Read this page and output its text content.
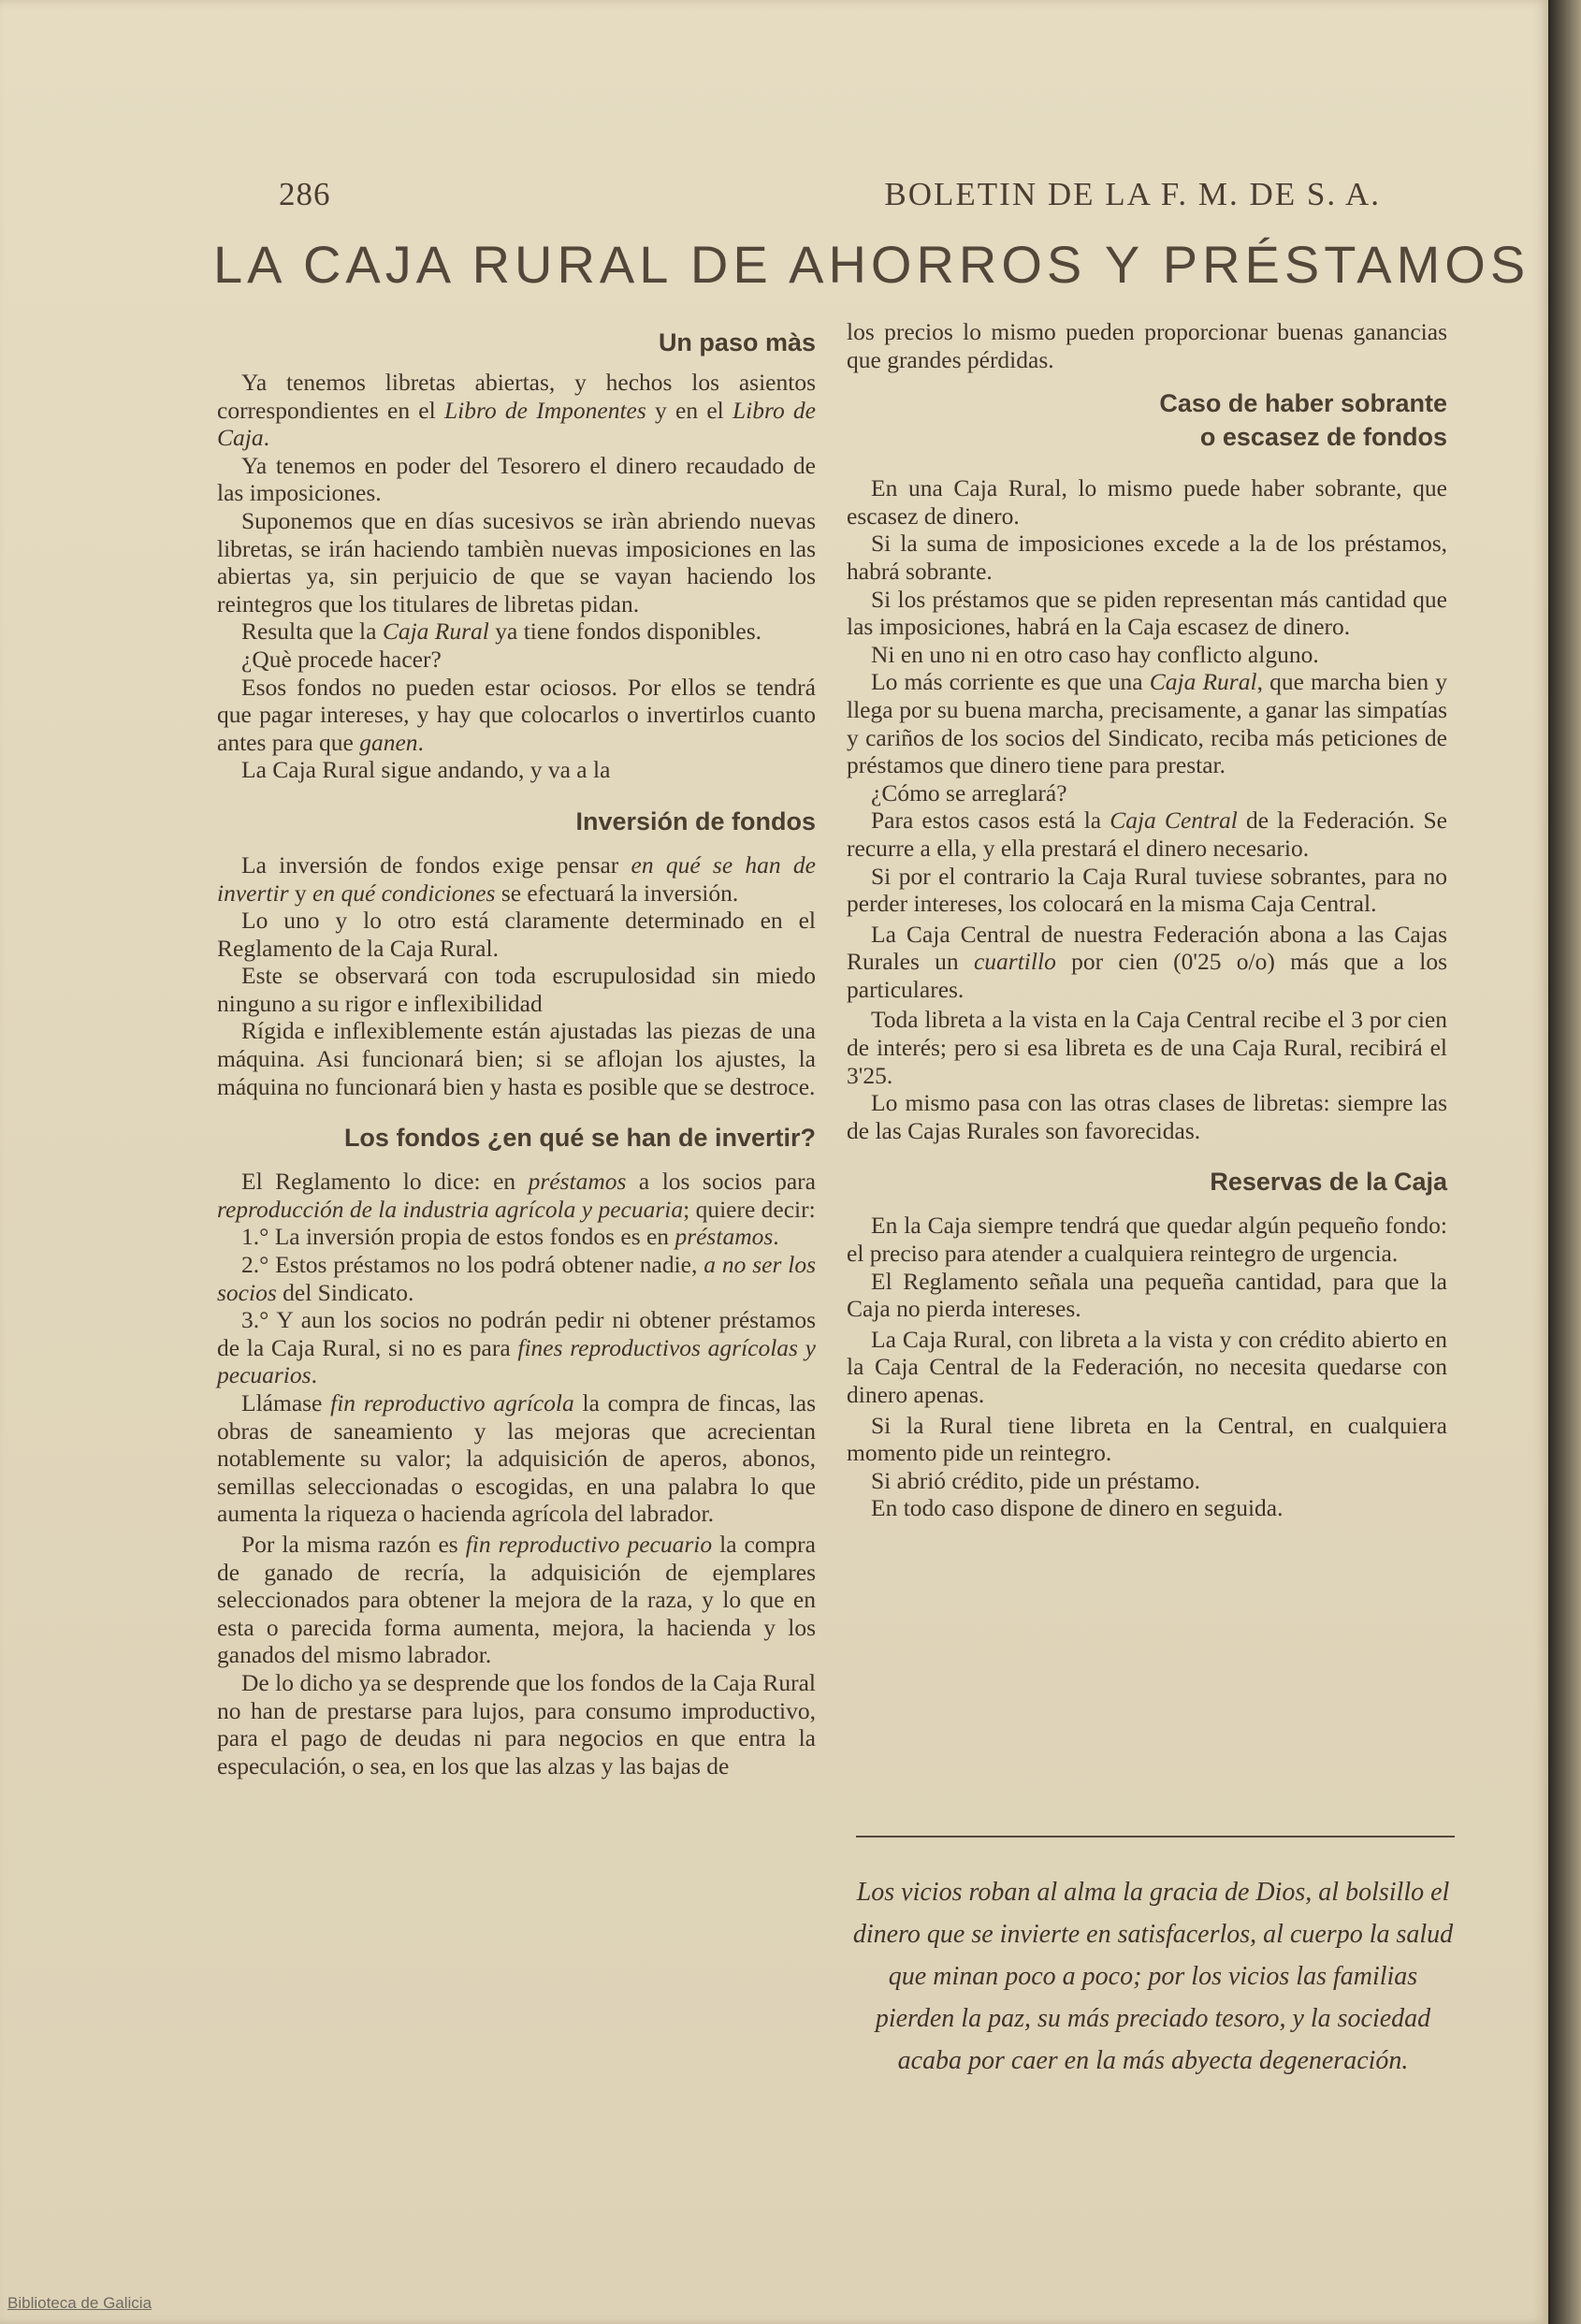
286	BOLETIN DE LA F. M. DE S. A.
LA CAJA RURAL DE AHORROS Y PRÉSTAMOS
Un paso màs

Ya tenemos libretas abiertas, y hechos los asientos correspondientes en el Libro de Imponentes y en el Libro de Caja.

Ya tenemos en poder del Tesorero el dinero recaudado de las imposiciones.

Suponemos que en días sucesivos se iràn abriendo nuevas libretas, se irán haciendo tambièn nuevas imposiciones en las abiertas ya, sin perjuicio de que se vayan haciendo los reintegros que los titulares de libretas pidan.

Resulta que la Caja Rural ya tiene fondos disponibles.

¿Què procede hacer?

Esos fondos no pueden estar ociosos. Por ellos se tendrá que pagar intereses, y hay que colocarlos o invertirlos cuanto antes para que ganen.

La Caja Rural sigue andando, y va a la

Inversión de fondos

La inversión de fondos exige pensar en qué se han de invertir y en qué condiciones se efectuará la inversión.

Lo uno y lo otro está claramente determinado en el Reglamento de la Caja Rural.

Este se observará con toda escrupulosidad sin miedo ninguno a su rigor e inflexibilidad

Rígida e inflexiblemente están ajustadas las piezas de una máquina. Asi funcionará bien; si se aflojan los ajustes, la máquina no funcionará bien y hasta es posible que se destroce.

Los fondos ¿en qué se han de invertir?

El Reglamento lo dice: en préstamos a los socios para reproducción de la industria agrícola y pecuaria; quiere decir:

1.° La inversión propia de estos fondos es en préstamos.

2.° Estos préstamos no los podrá obtener nadie, a no ser los socios del Sindicato.

3.° Y aun los socios no podrán pedir ni obtener préstamos de la Caja Rural, si no es para fines reproductivos agrícolas y pecuarios.

Llámase fin reproductivo agrícola la compra de fincas, las obras de saneamiento y las mejoras que acrecientan notablemente su valor; la adquisición de aperos, abonos, semillas seleccionadas o escogidas, en una palabra lo que aumenta la riqueza o hacienda agrícola del labrador.

Por la misma razón es fin reproductivo pecuario la compra de ganado de recría, la adquisición de ejemplares seleccionados para obtener la mejora de la raza, y lo que en esta o parecida forma aumenta, mejora, la hacienda y los ganados del mismo labrador.

De lo dicho ya se desprende que los fondos de la Caja Rural no han de prestarse para lujos, para consumo improductivo, para el pago de deudas ni para negocios en que entra la especulación, o sea, en los que las alzas y las bajas de

los precios lo mismo pueden proporcionar buenas ganancias que grandes pérdidas.

Caso de haber sobrante
o escasez de fondos

En una Caja Rural, lo mismo puede haber sobrante, que escasez de dinero.

Si la suma de imposiciones excede a la de los préstamos, habrá sobrante.

Si los préstamos que se piden representan más cantidad que las imposiciones, habrá en la Caja escasez de dinero.

Ni en uno ni en otro caso hay conflicto alguno.

Lo más corriente es que una Caja Rural, que marcha bien y llega por su buena marcha, precisamente, a ganar las simpatías y cariños de los socios del Sindicato, reciba más peticiones de préstamos que dinero tiene para prestar.

¿Cómo se arreglará?

Para estos casos está la Caja Central de la Federación. Se recurre a ella, y ella prestará el dinero necesario.

Si por el contrario la Caja Rural tuviese sobrantes, para no perder intereses, los colocará en la misma Caja Central.

La Caja Central de nuestra Federación abona a las Cajas Rurales un cuartillo por cien (0'25 o/o) más que a los particulares.

Toda libreta a la vista en la Caja Central recibe el 3 por cien de interés; pero si esa libreta es de una Caja Rural, recibirá el 3'25.

Lo mismo pasa con las otras clases de libretas: siempre las de las Cajas Rurales son favorecidas.

Reservas de la Caja

En la Caja siempre tendrá que quedar algún pequeño fondo: el preciso para atender a cualquiera reintegro de urgencia.

El Reglamento señala una pequeña cantidad, para que la Caja no pierda intereses.

La Caja Rural, con libreta a la vista y con crédito abierto en la Caja Central de la Federación, no necesita quedarse con dinero apenas.

Si la Rural tiene libreta en la Central, en cualquiera momento pide un reintegro.

Si abrió crédito, pide un préstamo.

En todo caso dispone de dinero en seguida.

Los vicios roban al alma la gracia de Dios, al bolsillo el dinero que se invierte en satisfacerlos, al cuerpo la salud que minan poco a poco; por los vicios las familias pierden la paz, su más preciado tesoro, y la sociedad acaba por caer en la más abyecta degeneración.

Biblioteca de Galicia
